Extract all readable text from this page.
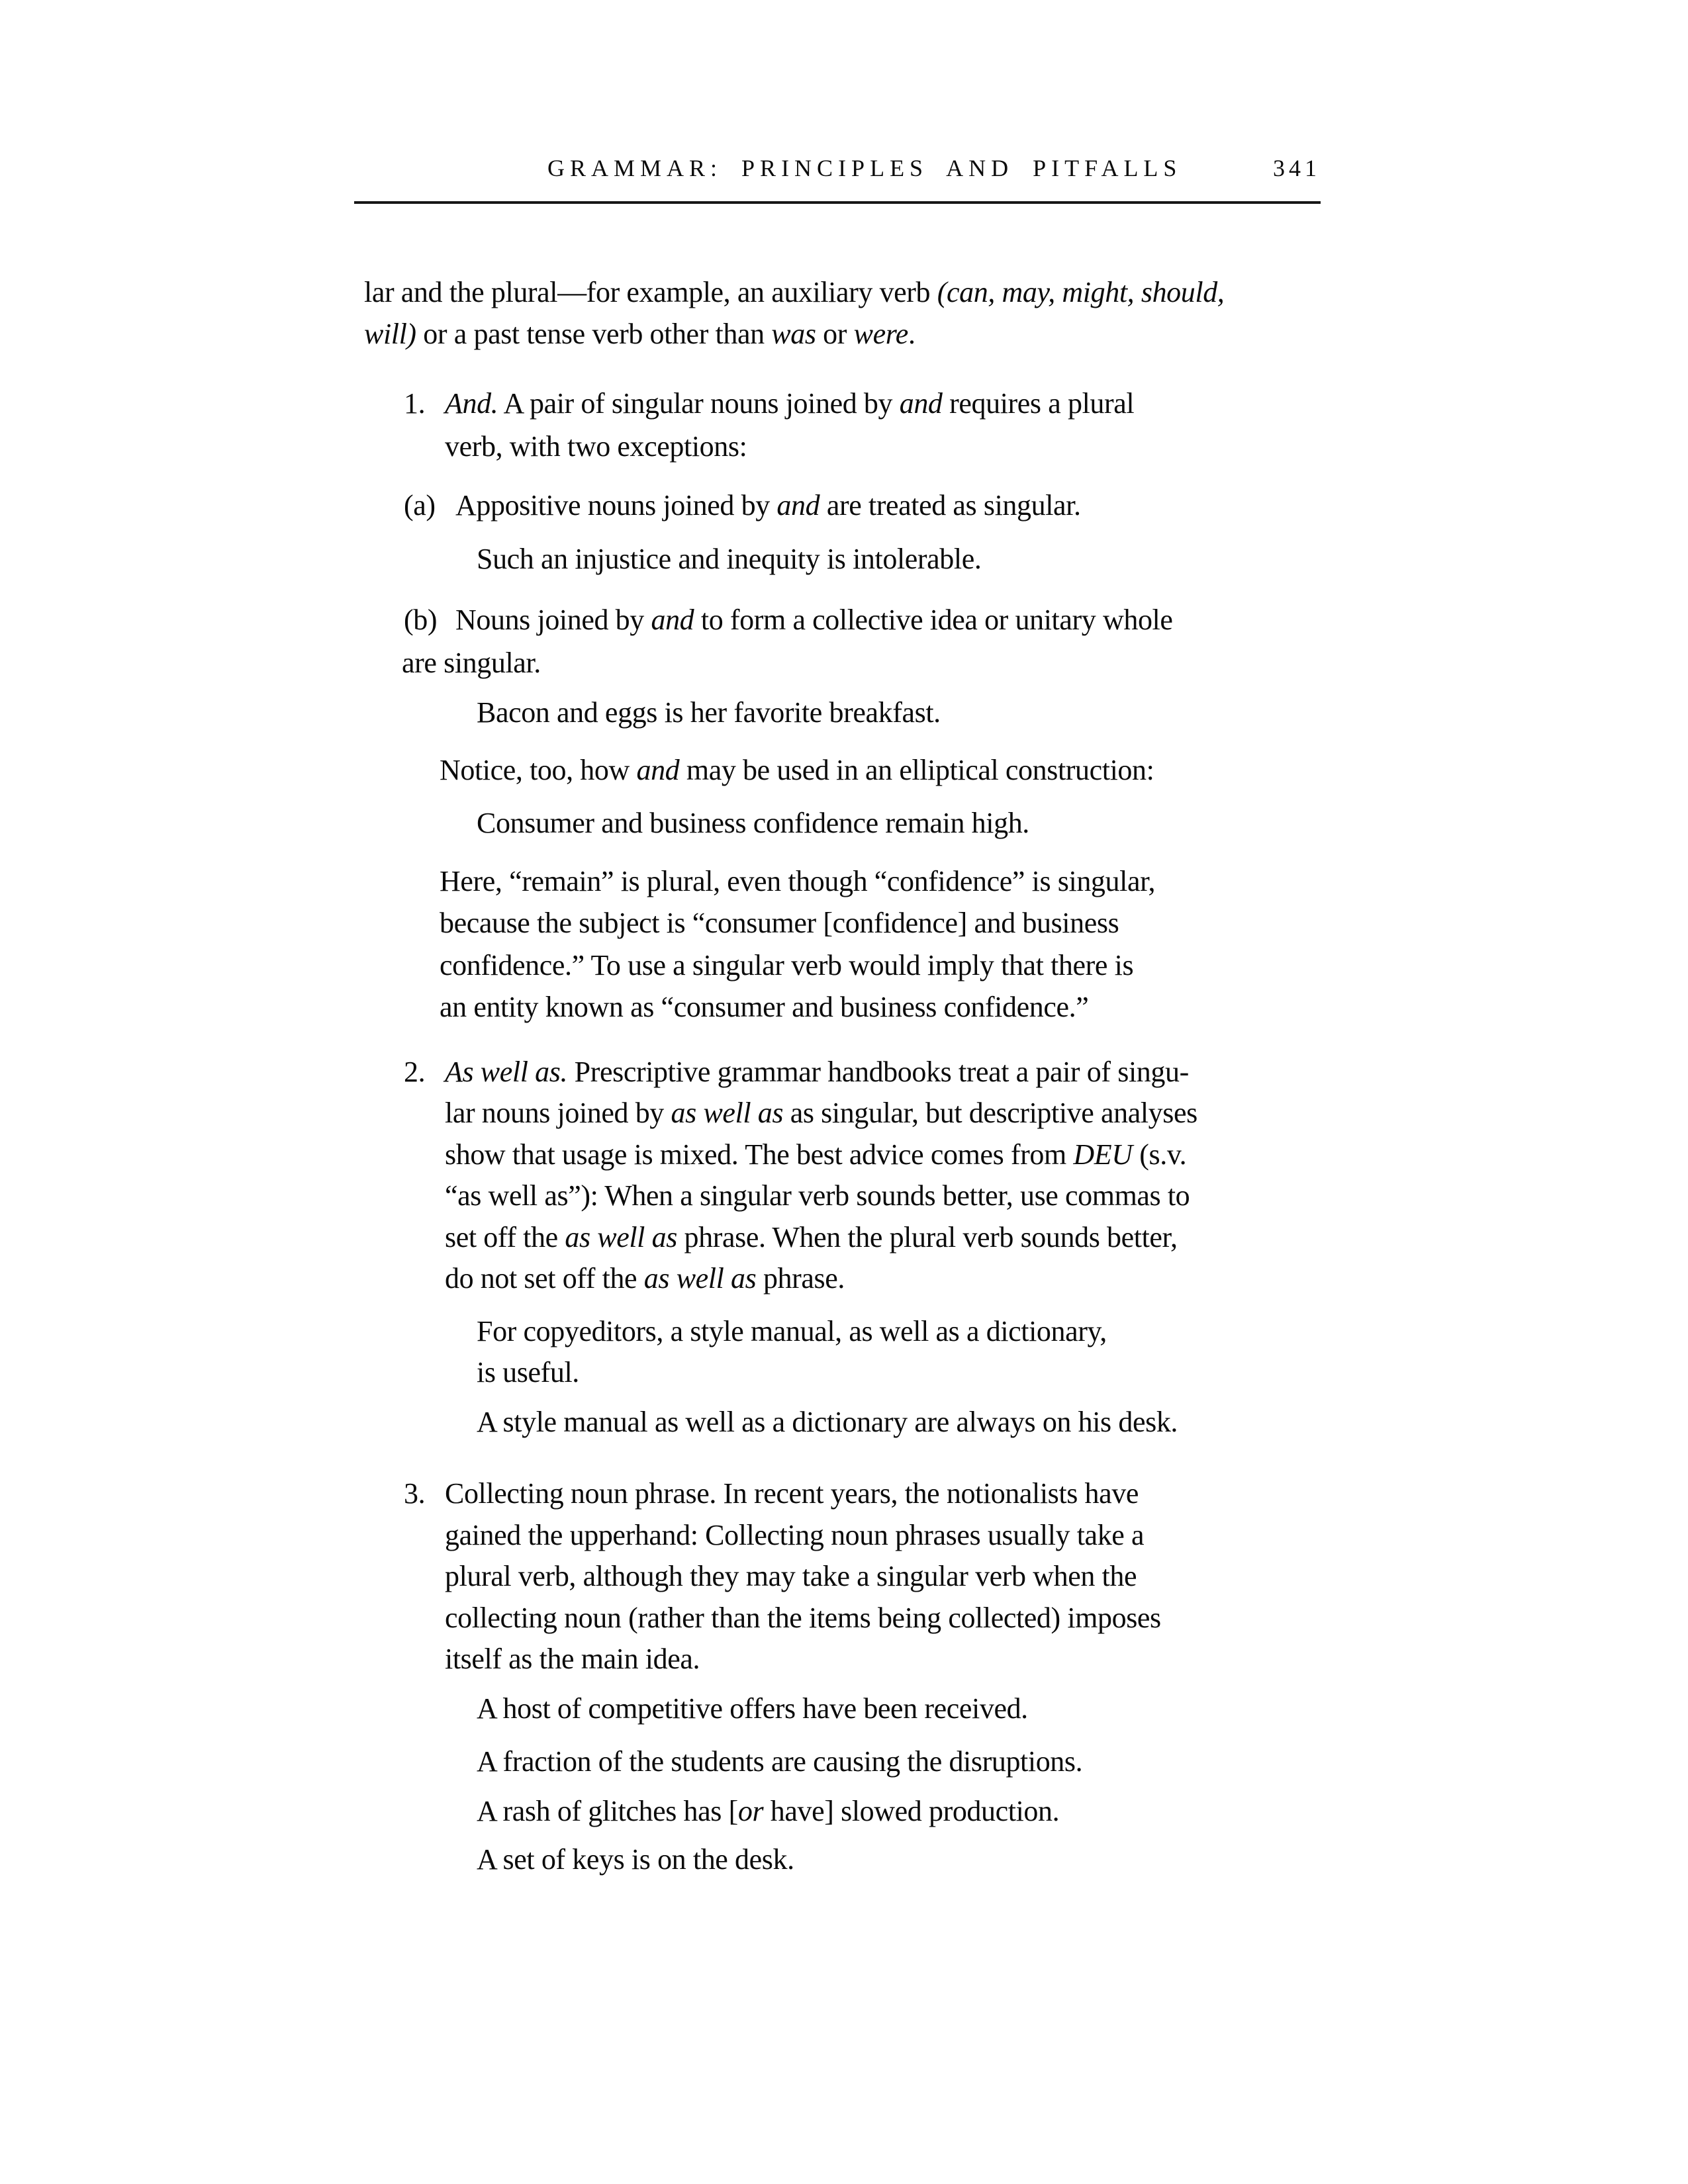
GRAMMAR: PRINCIPLES AND PITFALLS	341
lar and the plural—for example, an auxiliary verb (can, may, might, should,
will) or a past tense verb other than was or were.
1. And. A pair of singular nouns joined by and requires a plural
verb, with two exceptions:
(a) Appositive nouns joined by and are treated as singular.
Such an injustice and inequity is intolerable.
(b) Nouns joined by and to form a collective idea or unitary whole
are singular.
Bacon and eggs is her favorite breakfast.
Notice, too, how and may be used in an elliptical construction:
Consumer and business confidence remain high.
Here, “remain” is plural, even though “confidence” is singular,
because the subject is “consumer [confidence] and business
confidence.” To use a singular verb would imply that there is
an entity known as “consumer and business confidence.”
2. As well as. Prescriptive grammar handbooks treat a pair of singu-
lar nouns joined by as well as as singular, but descriptive analyses
show that usage is mixed. The best advice comes from DEU (s.v.
“as well as”): When a singular verb sounds better, use commas to
set off the as well as phrase. When the plural verb sounds better,
do not set off the as well as phrase.
For copyeditors, a style manual, as well as a dictionary,
is useful.
A style manual as well as a dictionary are always on his desk.
3. Collecting noun phrase. In recent years, the notionalists have
gained the upperhand: Collecting noun phrases usually take a
plural verb, although they may take a singular verb when the
collecting noun (rather than the items being collected) imposes
itself as the main idea.
A host of competitive offers have been received.
A fraction of the students are causing the disruptions.
A rash of glitches has [or have] slowed production.
A set of keys is on the desk.
